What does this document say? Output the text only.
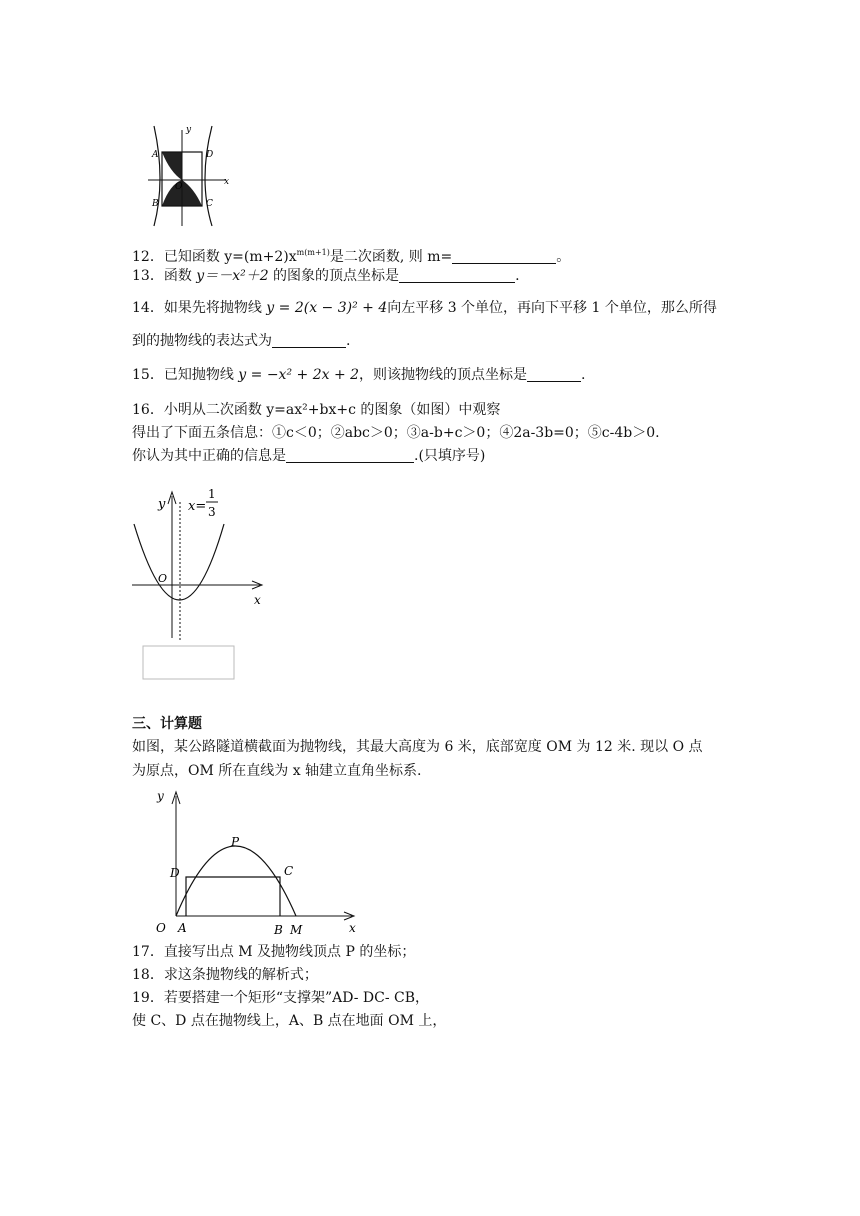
y
x
A
B	C
D
O
12．已知函数 $y=(m+2)x^{m(m+1)}$是二次函数, 则 m=	。
13．函数 y＝－x²＋2 的图象的顶点坐标是	.
14．如果先将抛物线 y = 2(x − 3)² + 4向左平移 3 个单位，再向下平移 1 个单位，那么所得
到的抛物线的表达式为	.
15．已知抛物线 y = −x² + 2x + 2，则该抛物线的顶点坐标是	.
16．小明从二次函数 y=ax²+bx+c 的图象（如图）中观察
得出了下面五条信息：①c＜0；②abc＞0；③a-b+c＞0；④2a-3b=0；⑤c-4b＞0.
你认为其中正确的信息是	.(只填序号)
y x=
1
3
O
x
三、计算题
如图，某公路隧道横截面为抛物线，其最大高度为 6 米，底部宽度 OM 为 12 米. 现以 O 点
为原点，OM 所在直线为 x 轴建立直角坐标系.
y
x
O A	B M
C
D
P
17．直接写出点 M 及抛物线顶点 P 的坐标；
18．求这条抛物线的解析式；
19．若要搭建一个矩形“支撑架”AD- DC- CB，
使 C、D 点在抛物线上，A、B 点在地面 OM 上，
